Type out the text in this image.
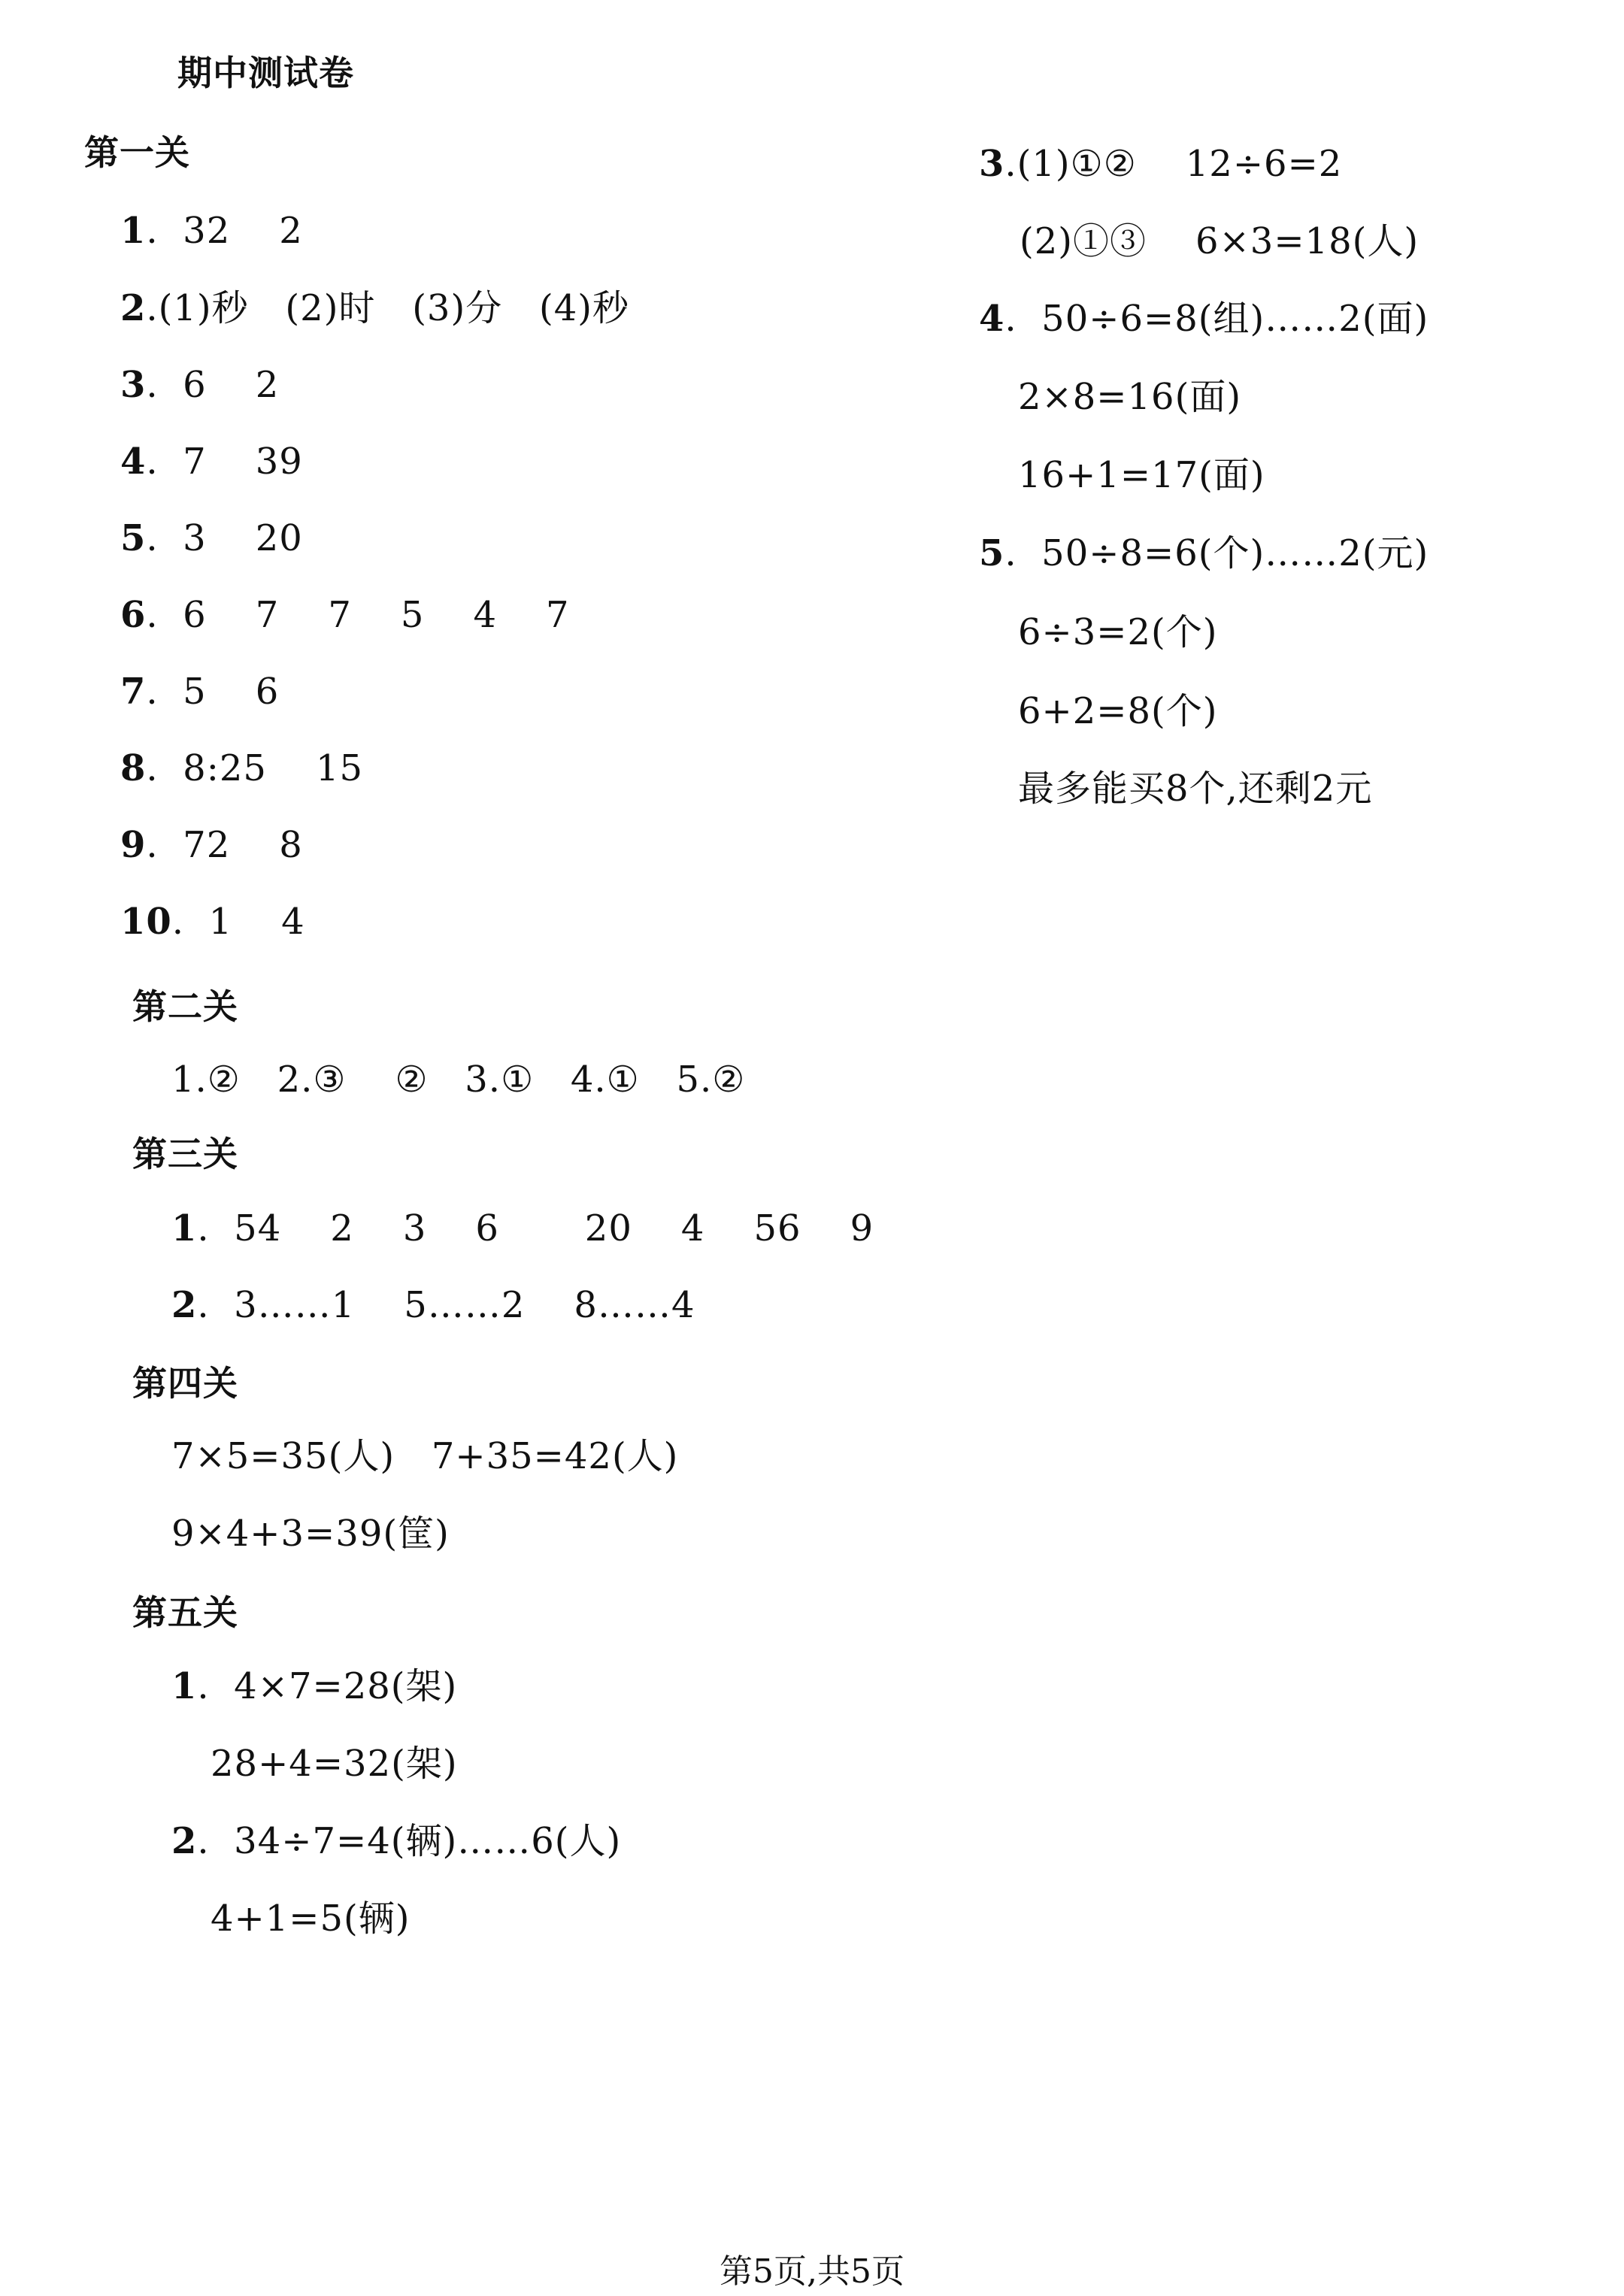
期中测试卷
第一关
1.  32    2
2.(1)秒   (2)时   (3)分   (4)秒
3.  6    2
4.  7    39
5.  3    20
6.  6    7    7    5    4    7
7.  5    6
8.  8:25    15
9.  72    8
10.  1    4
第二关
1.②   2.③    ②   3.①   4.①   5.②
第三关
1.  54    2    3    6       20    4    56    9
2.  3……1    5……2    8……4
第四关
7×5=35(人)   7+35=42(人)
9×4+3=39(筐)
第五关
1.  4×7=28(架)
28+4=32(架)
2.  34÷7=4(辆)……6(人)
4+1=5(辆)
3.(1)①②    12÷6=2
(2)①③    6×3=18(人)
4.  50÷6=8(组)……2(面)
2×8=16(面)
16+1=17(面)
5.  50÷8=6(个)……2(元)
6÷3=2(个)
6+2=8(个)
最多能买8个,还剩2元
第5页,共5页
